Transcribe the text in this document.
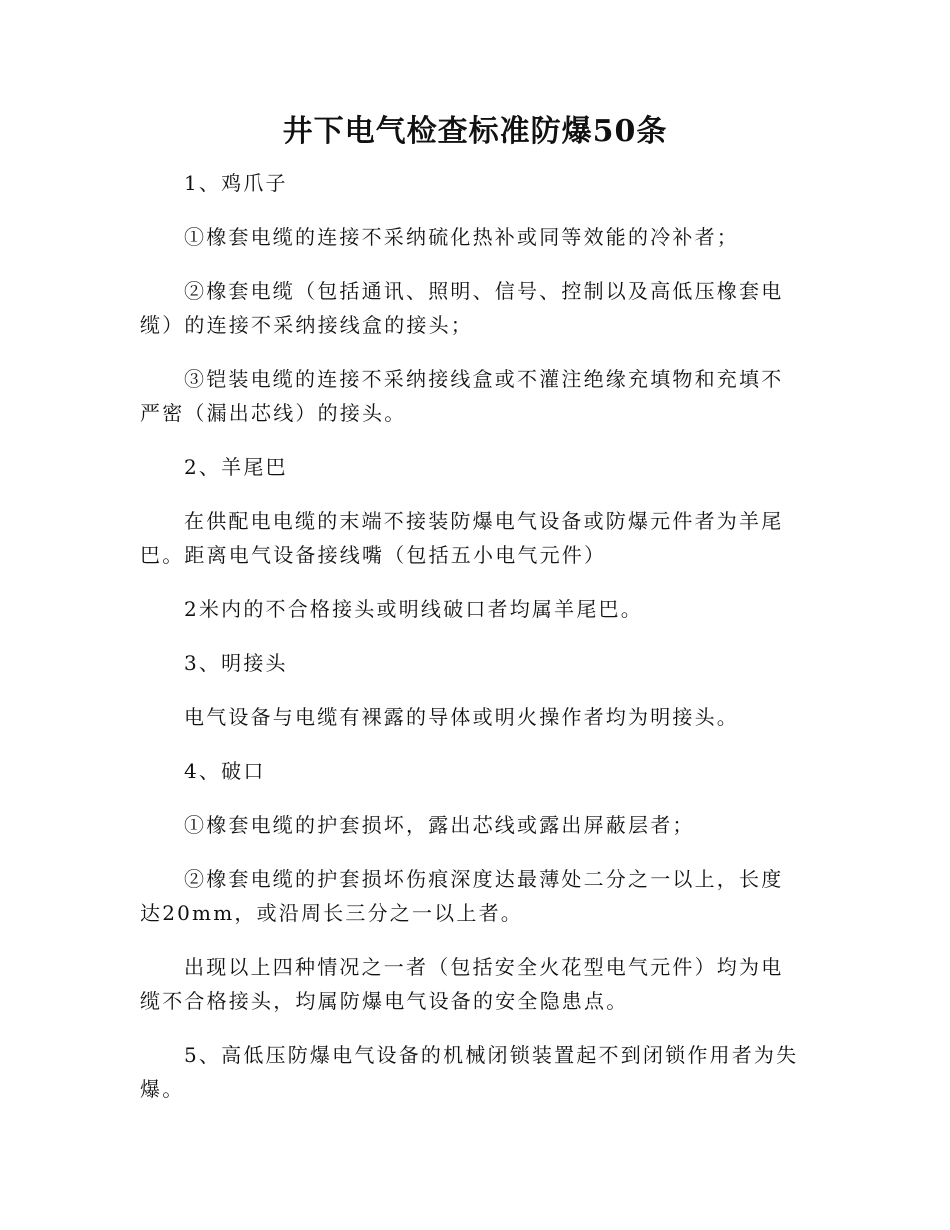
井下电气检查标准防爆50条

1、鸡爪子

①橡套电缆的连接不采纳硫化热补或同等效能的冷补者；

②橡套电缆（包括通讯、照明、信号、控制以及高低压橡套电缆）的连接不采纳接线盒的接头；

③铠装电缆的连接不采纳接线盒或不灌注绝缘充填物和充填不严密（漏出芯线）的接头。

2、羊尾巴

在供配电电缆的末端不接装防爆电气设备或防爆元件者为羊尾巴。距离电气设备接线嘴（包括五小电气元件）

2米内的不合格接头或明线破口者均属羊尾巴。

3、明接头

电气设备与电缆有裸露的导体或明火操作者均为明接头。

4、破口

①橡套电缆的护套损坏，露出芯线或露出屏蔽层者；

②橡套电缆的护套损坏伤痕深度达最薄处二分之一以上，长度达20mm，或沿周长三分之一以上者。

出现以上四种情况之一者（包括安全火花型电气元件）均为电缆不合格接头，均属防爆电气设备的安全隐患点。

5、高低压防爆电气设备的机械闭锁装置起不到闭锁作用者为失爆。
